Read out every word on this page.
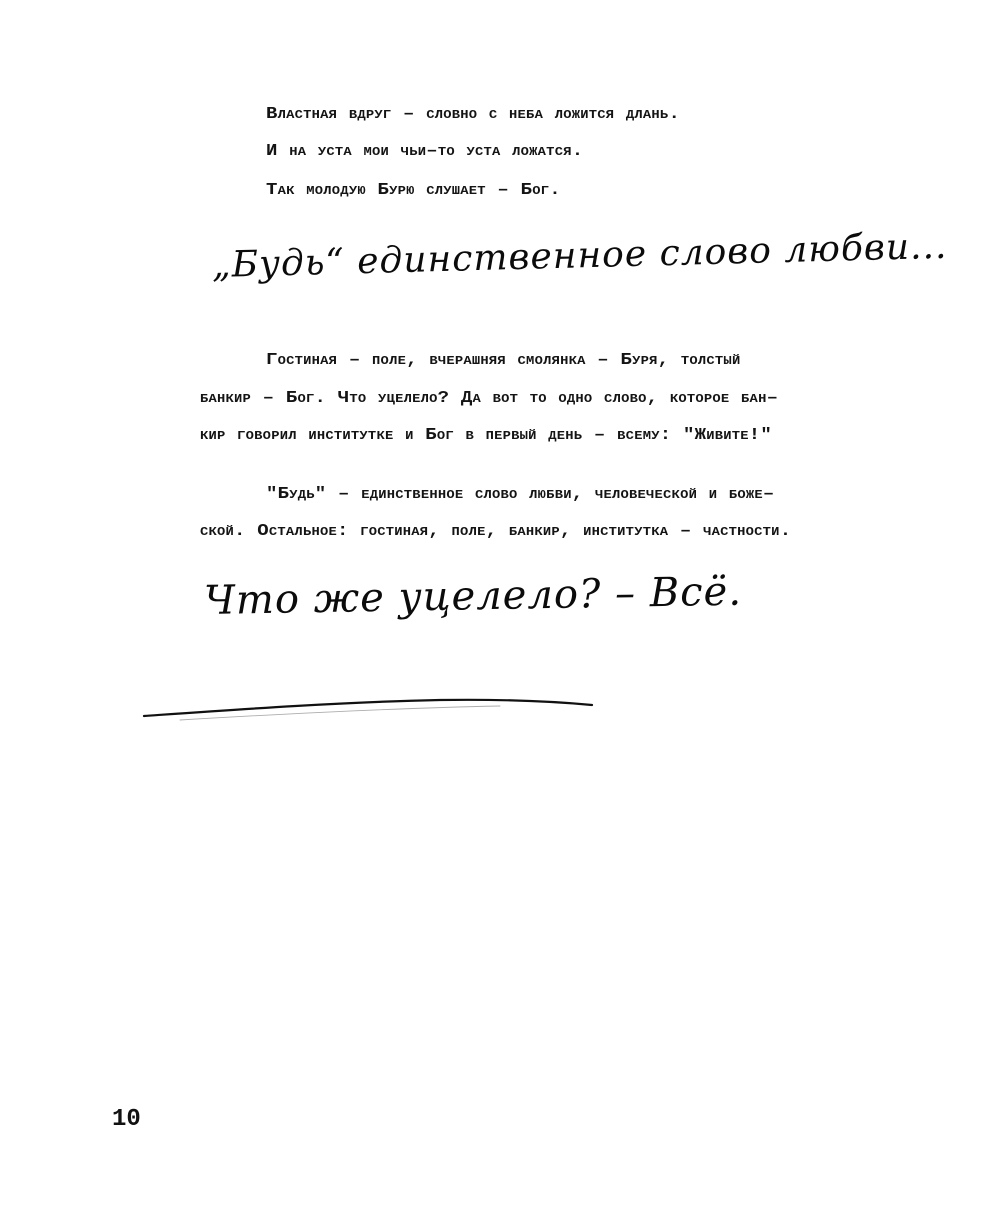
Властная вдруг – словно с неба ложится длань.
И на уста мои чьи–то уста ложатся.
Так молодую Бурю слушает – Бог.
„Будь“ единственное слово любви...
Гостиная – поле, вчерашняя смолянка – Буря, толстый
банкир – Бог. Что уцелело? Да вот то одно слово, которое бан–
кир говорил институтке и Бог в первый день – всему: "Живите!"
"Будь" – единственное слово любви, человеческой и боже–
ской. Остальное: гостиная, поле, банкир, институтка – частности.
Что же уцелело? – Всё.
10
